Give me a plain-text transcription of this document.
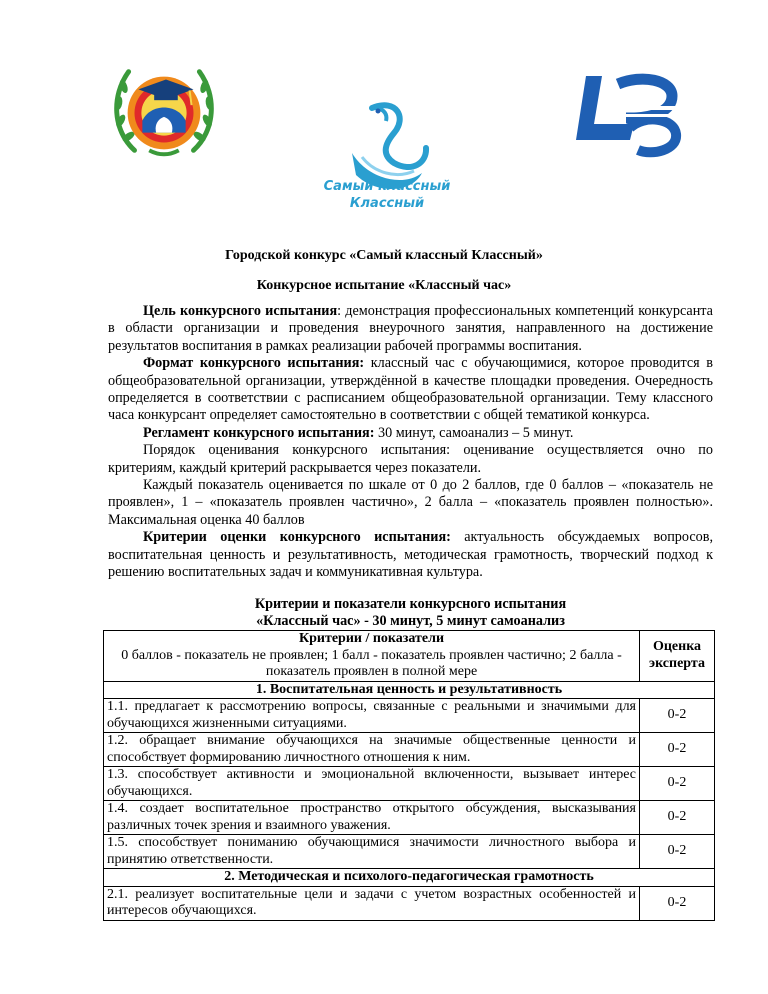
Самый классный
Классный
Городской конкурс «Самый классный Классный»
Конкурсное испытание «Классный час»

Цель конкурсного испытания: демонстрация профессиональных компетенций конкурсанта в области организации и проведения внеурочного занятия, направленного на достижение результатов воспитания в рамках реализации рабочей программы воспитания.

Формат конкурсного испытания: классный час с обучающимися, которое проводится в общеобразовательной организации, утверждённой в качестве площадки проведения. Очередность определяется в соответствии с расписанием общеобразовательной организации. Тему классного часа конкурсант определяет самостоятельно в соответствии с общей тематикой конкурса.

Регламент конкурсного испытания: 30 минут, самоанализ – 5 минут.

Порядок оценивания конкурсного испытания: оценивание осуществляется очно по критериям, каждый критерий раскрывается через показатели.

Каждый показатель оценивается по шкале от 0 до 2 баллов, где 0 баллов – «показатель не проявлен», 1 – «показатель проявлен частично», 2 балла – «показатель проявлен полностью». Максимальная оценка 40 баллов

Критерии оценки конкурсного испытания: актуальность обсуждаемых вопросов, воспитательная ценность и результативность, методическая грамотность, творческий подход к решению воспитательных задач и коммуникативная культура.

Критерии и показатели конкурсного испытания
«Классный час» - 30 минут, 5 минут самоанализ
Критерии / показатели
0 баллов - показатель не проявлен; 1 балл - показатель проявлен частично; 2 балла - показатель проявлен в полной мере	Оценка эксперта
1. Воспитательная ценность и результативность	
1.1. предлагает к рассмотрению вопросы, связанные с реальными и значимыми для обучающихся жизненными ситуациями.	0-2
1.2. обращает внимание обучающихся на значимые общественные ценности и способствует формированию личностного отношения к ним.	0-2
1.3. способствует активности и эмоциональной включенности, вызывает интерес обучающихся.	0-2
1.4. создает воспитательное пространство открытого обсуждения, высказывания различных точек зрения и взаимного уважения.	0-2
1.5. способствует пониманию обучающимися значимости личностного выбора и принятию ответственности.	0-2
2. Методическая и психолого-педагогическая грамотность	
2.1. реализует воспитательные цели и задачи с учетом возрастных особенностей и интересов обучающихся.	0-2
